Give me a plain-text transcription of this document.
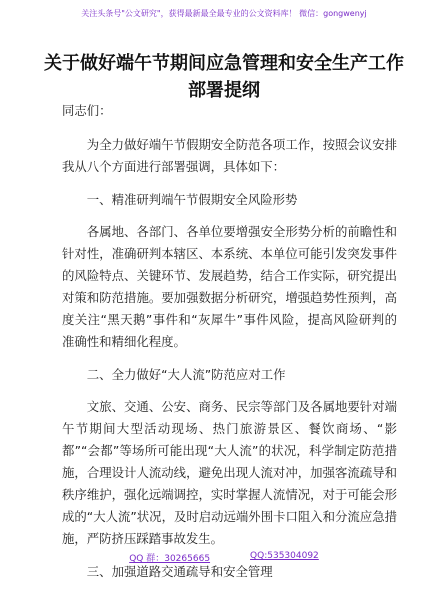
关注头条号"公文研究"，获得最新最全最专业的公文资料库！ 微信：gongwenyj
关于做好端午节期间应急管理和安全生产工作部署提纲

同志们：

为全力做好端午节假期安全防范各项工作，按照会议安排我从八个方面进行部署强调，具体如下：

一、精准研判端午节假期安全风险形势

各属地、各部门、各单位要增强安全形势分析的前瞻性和针对性，准确研判本辖区、本系统、本单位可能引发突发事件的风险特点、关键环节、发展趋势，结合工作实际，研究提出对策和防范措施。要加强数据分析研究，增强趋势性预判，高度关注“黑天鹅”事件和“灰犀牛”事件风险，提高风险研判的准确性和精细化程度。

二、全力做好“大人流”防范应对工作

文旅、交通、公安、商务、民宗等部门及各属地要针对端午节期间大型活动现场、热门旅游景区、餐饮商场、“影都”“会都”等场所可能出现“大人流”的状况，科学制定防范措施，合理设计人流动线，避免出现人流对冲，加强客流疏导和秩序维护，强化远端调控，实时掌握人流情况，对于可能会形成的“大人流”状况，及时启动远端外围卡口阻入和分流应急措施，严防挤压踩踏事故发生。

三、加强道路交通疏导和安全管理

QQ 群：30265665	QQ:535304092
